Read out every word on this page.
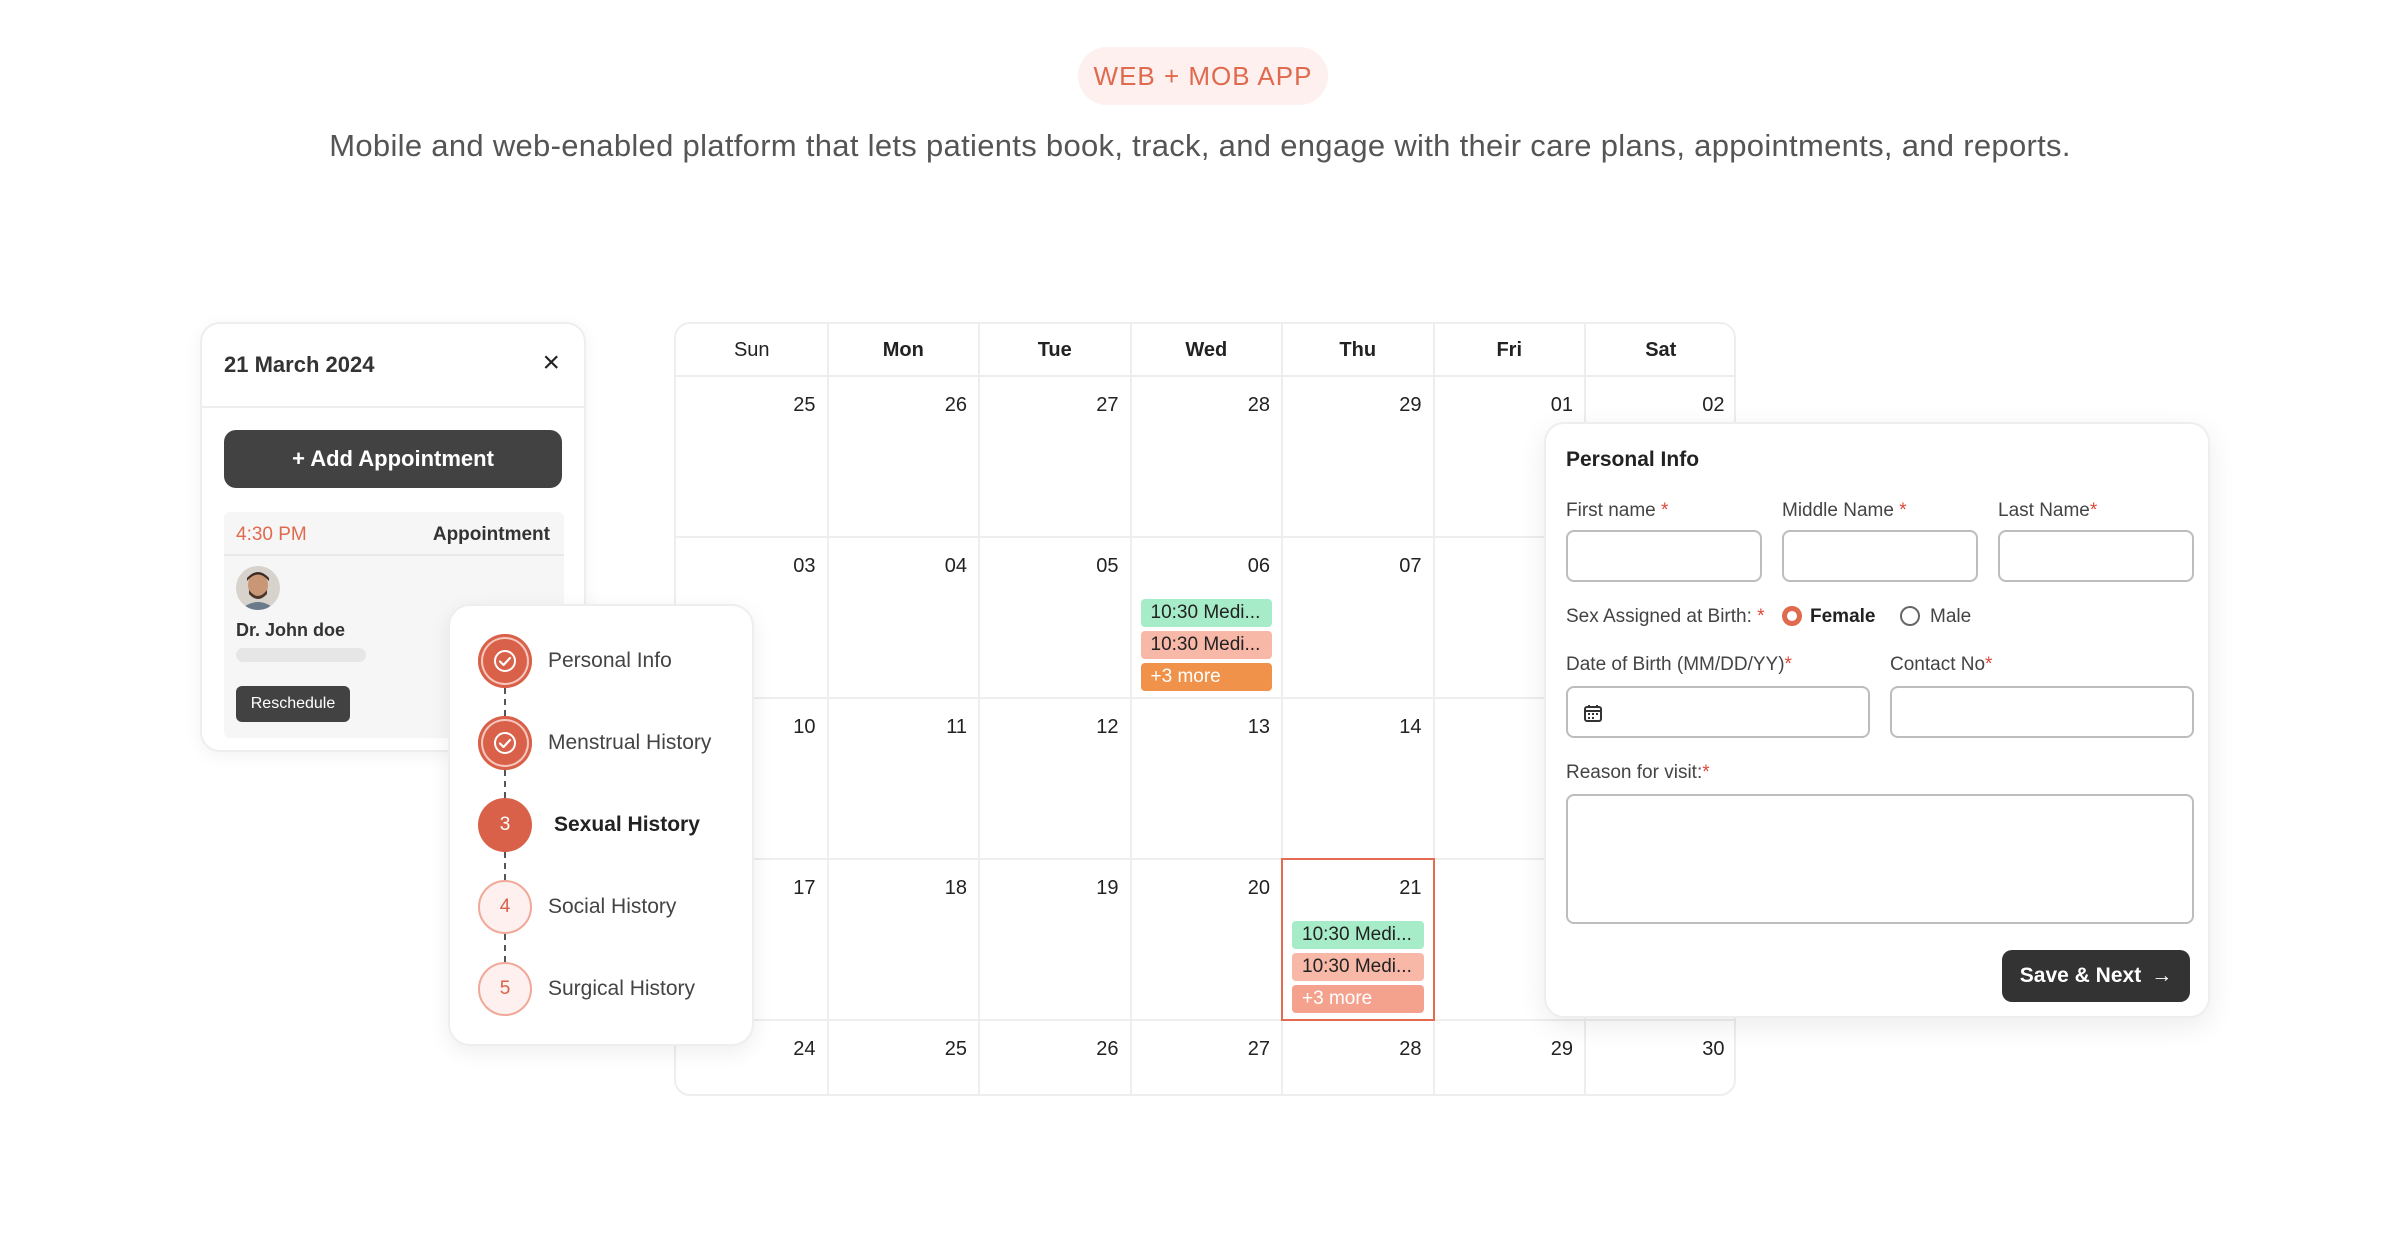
WEB + MOB APP
Mobile and web-enabled platform that lets patients book, track, and engage with their care plans, appointments, and reports.
21 March 2024	×
+ Add Appointment
4:30 PM	Appointment
Dr. John doe
Reschedule
Sun	Mon	Tue	Wed	Thu	Fri	Sat
25	26	27	28	29	01	02
03	04	05	06	07
10	11	12	13	14
17	18	19	20	21
24	25	26	27	28	29	30
10:30 Medi...
10:30 Medi...
+3 more
10:30 Medi...
10:30 Medi...
+3 more
Personal Info
Menstrual History
3	Sexual History
4	Social History
5	Surgical History
Personal Info
First name *	Middle Name *	Last Name*
Sex Assigned at Birth: * Female	Male
Date of Birth (MM/DD/YY)*	Contact No*
Reason for visit:*
Save & Next →
